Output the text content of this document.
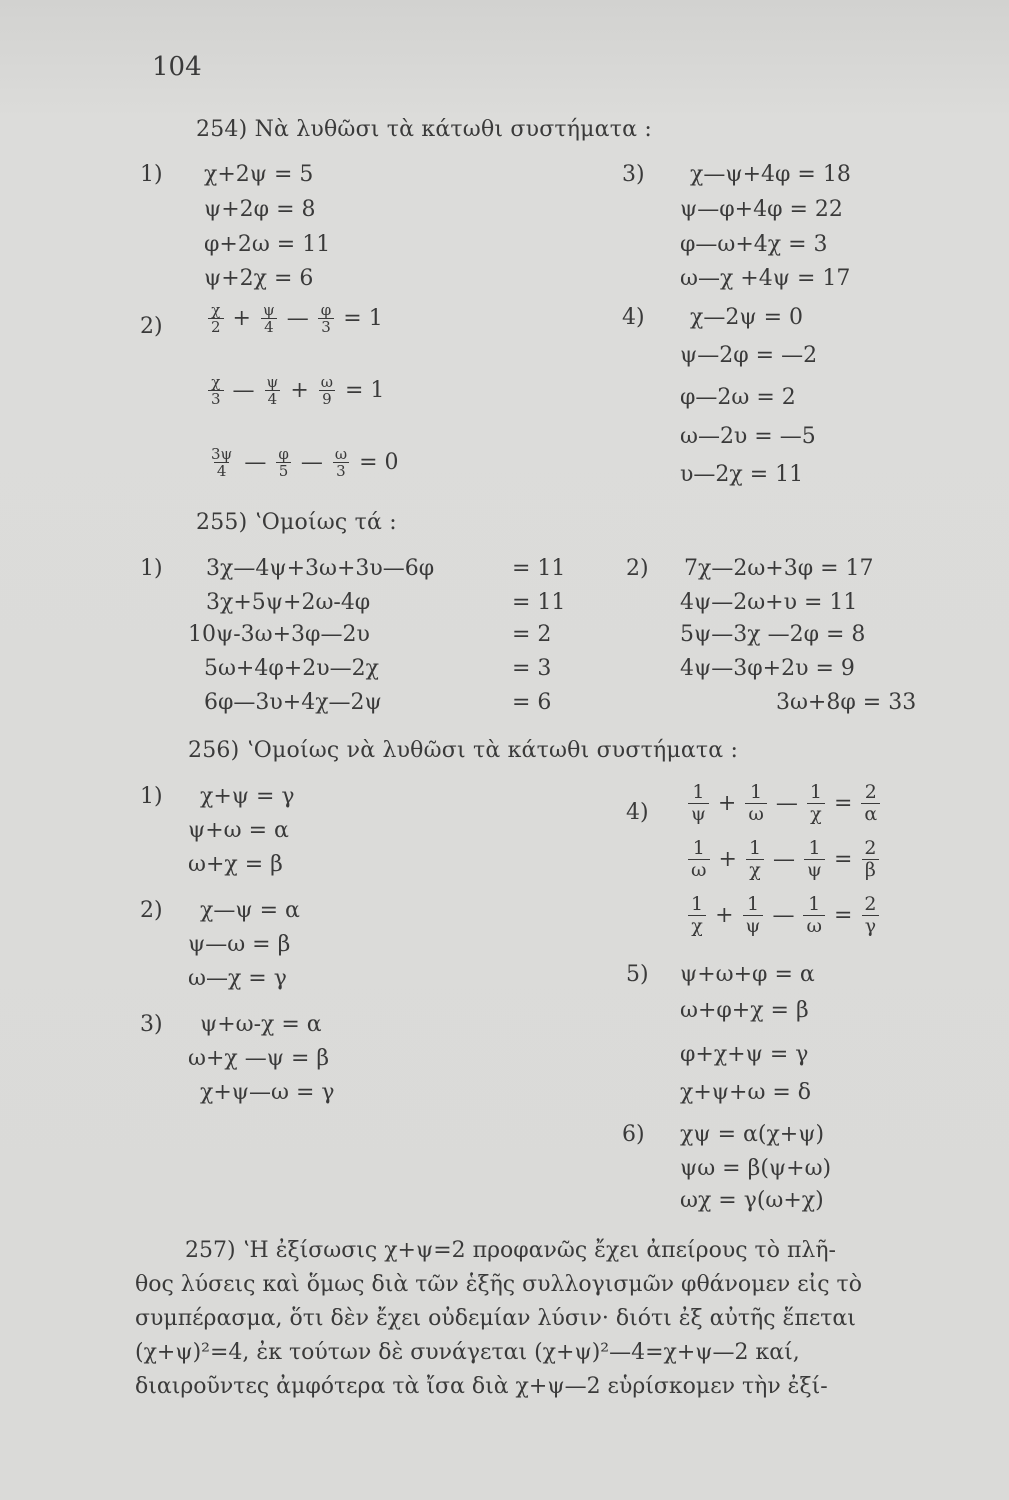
104
254) Νὰ λυθῶσι τὰ κάτωθι συστήματα :
1) χ+2ψ = 5
ψ+2φ = 8
φ+2ω = 11
ψ+2χ = 6
2)	$\frac{\chi}{2} + \frac{\psi}{4}$ — $\frac{\varphi}{3} = 1$
$\frac{\chi}{3}$ — $\frac{\psi}{4} + \frac{\omega}{9} = 1$
$\frac{3\psi}{4}$ — $\frac{\varphi}{5}$ — $\frac{\omega}{3} = 0$
3) χ—ψ+4φ = 18
ψ—φ+4φ = 22
φ—ω+4χ = 3
ω—χ +4ψ = 17
4) χ—2ψ = 0
ψ—2φ = —2
φ—2ω = 2
ω—2υ = —5
υ—2χ = 11
255) ʽΟμοίως τά :
1) 3χ—4ψ+3ω+3υ—6φ
3χ+5ψ+2ω-4φ
10ψ-3ω+3φ—2υ
5ω+4φ+2υ—2χ
6φ—3υ+4χ—2ψ
= 11
= 11
= 2
= 3
= 6
2) 7χ—2ω+3φ = 17
4ψ—2ω+υ = 11
5ψ—3χ —2φ = 8
4ψ—3φ+2υ = 9
3ω+8φ = 33
256) ʽΟμοίως νὰ λυθῶσι τὰ κάτωθι συστήματα :
1) χ+ψ = γ
ψ+ω = α
ω+χ = β
2) χ—ψ = α
ψ—ω = β
ω—χ = γ
3) ψ+ω-χ = α
ω+χ —ψ = β
χ+ψ—ω = γ
$4) \frac{1}{\psi} + \frac{1}{\omega}$ — $\frac{1}{\chi} = \frac{2}{\alpha}$
$\frac{1}{\omega} + \frac{1}{\chi}$ — $\frac{1}{\psi} = \frac{2}{\beta}$
$\frac{1}{\chi} + \frac{1}{\psi}$ — $\frac{1}{\omega} = \frac{2}{\gamma}$
5) ψ+ω+φ = α
ω+φ+χ = β
φ+χ+ψ = γ
χ+ψ+ω = δ
6) χψ = α(χ+ψ)
ψω = β(ψ+ω)
ωχ = γ(ω+χ)
257) ʽΗ ἐξίσωσις χ+ψ=2 προφανῶς ἔχει ἀπείρους τὸ πλῆ-
θος λύσεις καὶ ὅμως διὰ τῶν ἑξῆς συλλογισμῶν φθάνομεν εἰς τὸ
συμπέρασμα, ὅτι δὲν ἔχει οὐδεμίαν λύσιν· διότι ἐξ αὐτῆς ἕπεται
(χ+ψ)²=4, ἐκ τούτων δὲ συνάγεται (χ+ψ)²—4=χ+ψ—2 καί,
διαιροῦντες ἀμφότερα τὰ ἴσα διὰ χ+ψ—2 εὑρίσκομεν τὴν ἐξί-
